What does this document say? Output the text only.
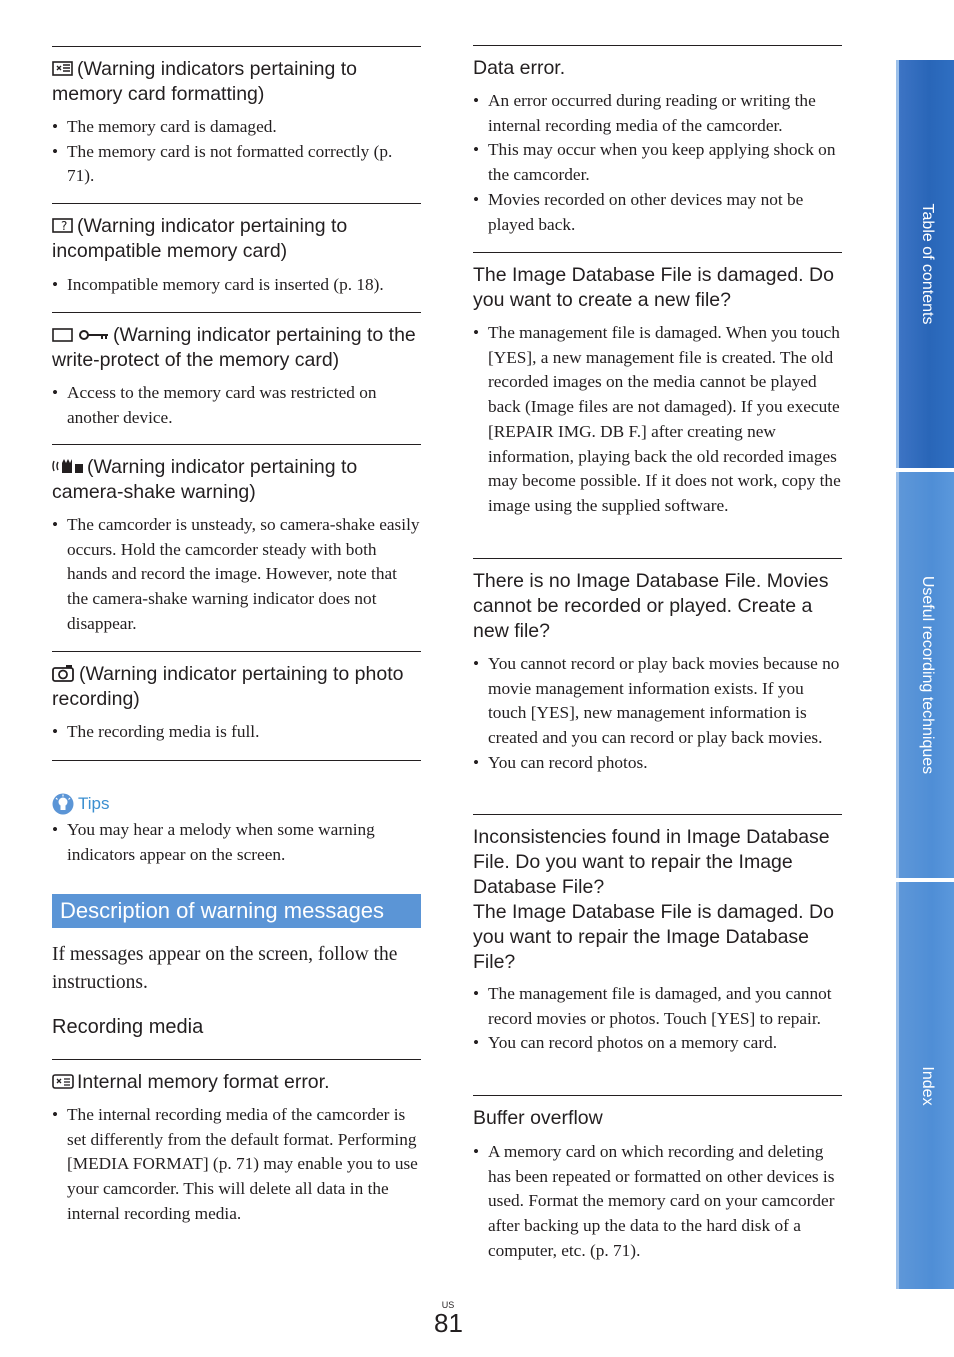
(Warning indicators pertaining to memory card formatting)
• The memory card is damaged.
• The memory card is not formatted correctly (p. 71).
? (Warning indicator pertaining to incompatible memory card)
• Incompatible memory card is inserted (p. 18).
(Warning indicator pertaining to the write-protect of the memory card)
• Access to the memory card was restricted on another device.
(Warning indicator pertaining to camera-shake warning)
• The camcorder is unsteady, so camera-shake easily occurs. Hold the camcorder steady with both hands and record the image. However, note that the camera-shake warning indicator does not disappear.
(Warning indicator pertaining to photo recording)
• The recording media is full.
Tips
• You may hear a melody when some warning indicators appear on the screen.
Description of warning messages
If messages appear on the screen, follow the instructions.
Recording media
Internal memory format error.
• The internal recording media of the camcorder is set differently from the default format. Performing [MEDIA FORMAT] (p. 71) may enable you to use your camcorder. This will delete all data in the internal recording media.
Data error.
• An error occurred during reading or writing the internal recording media of the camcorder.
• This may occur when you keep applying shock on the camcorder.
• Movies recorded on other devices may not be played back.
The Image Database File is damaged. Do you want to create a new file?
• The management file is damaged. When you touch [YES], a new management file is created. The old recorded images on the media cannot be played back (Image files are not damaged). If you execute [REPAIR IMG. DB F.] after creating new information, playing back the old recorded images may become possible. If it does not work, copy the image using the supplied software.
There is no Image Database File. Movies cannot be recorded or played. Create a new file?
• You cannot record or play back movies because no movie management information exists. If you touch [YES], new management information is created and you can record or play back movies.
• You can record photos.
Inconsistencies found in Image Database File. Do you want to repair the Image Database File?
The Image Database File is damaged. Do you want to repair the Image Database File?
• The management file is damaged, and you cannot record movies or photos. Touch [YES] to repair.
• You can record photos on a memory card.
Buffer overflow
• A memory card on which recording and deleting has been repeated or formatted on other devices is used. Format the memory card on your camcorder after backing up the data to the hard disk of a computer, etc. (p. 71).
Table of contents
Useful recording techniques
Index
US
81
